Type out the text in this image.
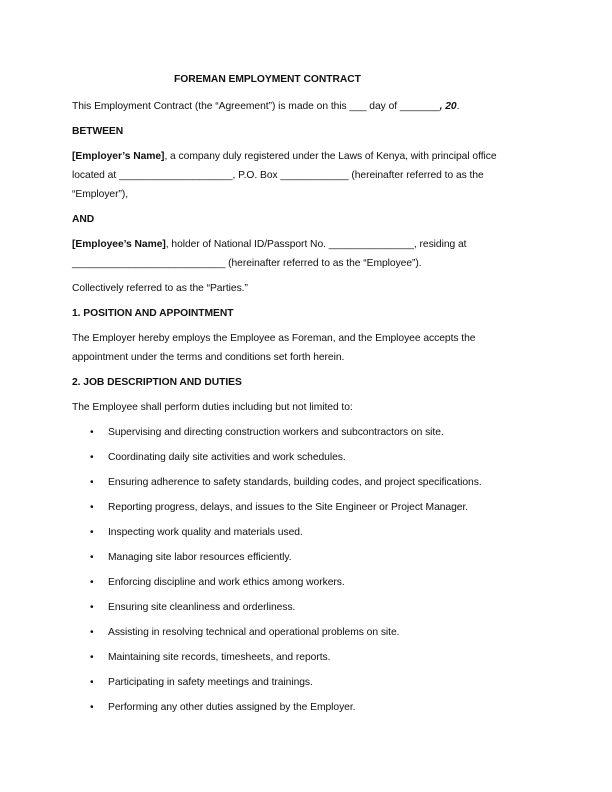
FOREMAN EMPLOYMENT CONTRACT

This Employment Contract (the “Agreement”) is made on this ___ day of _______, 20.

BETWEEN

[Employer’s Name], a company duly registered under the Laws of Kenya, with principal office
located at ____________________, P.O. Box ____________ (hereinafter referred to as the
“Employer”),

AND

[Employee’s Name], holder of National ID/Passport No. _______________, residing at
___________________________ (hereinafter referred to as the “Employee”).

Collectively referred to as the “Parties.”

1. POSITION AND APPOINTMENT

The Employer hereby employs the Employee as Foreman, and the Employee accepts the
appointment under the terms and conditions set forth herein.

2. JOB DESCRIPTION AND DUTIES

The Employee shall perform duties including but not limited to:

• Supervising and directing construction workers and subcontractors on site.
• Coordinating daily site activities and work schedules.
• Ensuring adherence to safety standards, building codes, and project specifications.
• Reporting progress, delays, and issues to the Site Engineer or Project Manager.
• Inspecting work quality and materials used.
• Managing site labor resources efficiently.
• Enforcing discipline and work ethics among workers.
• Ensuring site cleanliness and orderliness.
• Assisting in resolving technical and operational problems on site.
• Maintaining site records, timesheets, and reports.
• Participating in safety meetings and trainings.
• Performing any other duties assigned by the Employer.
